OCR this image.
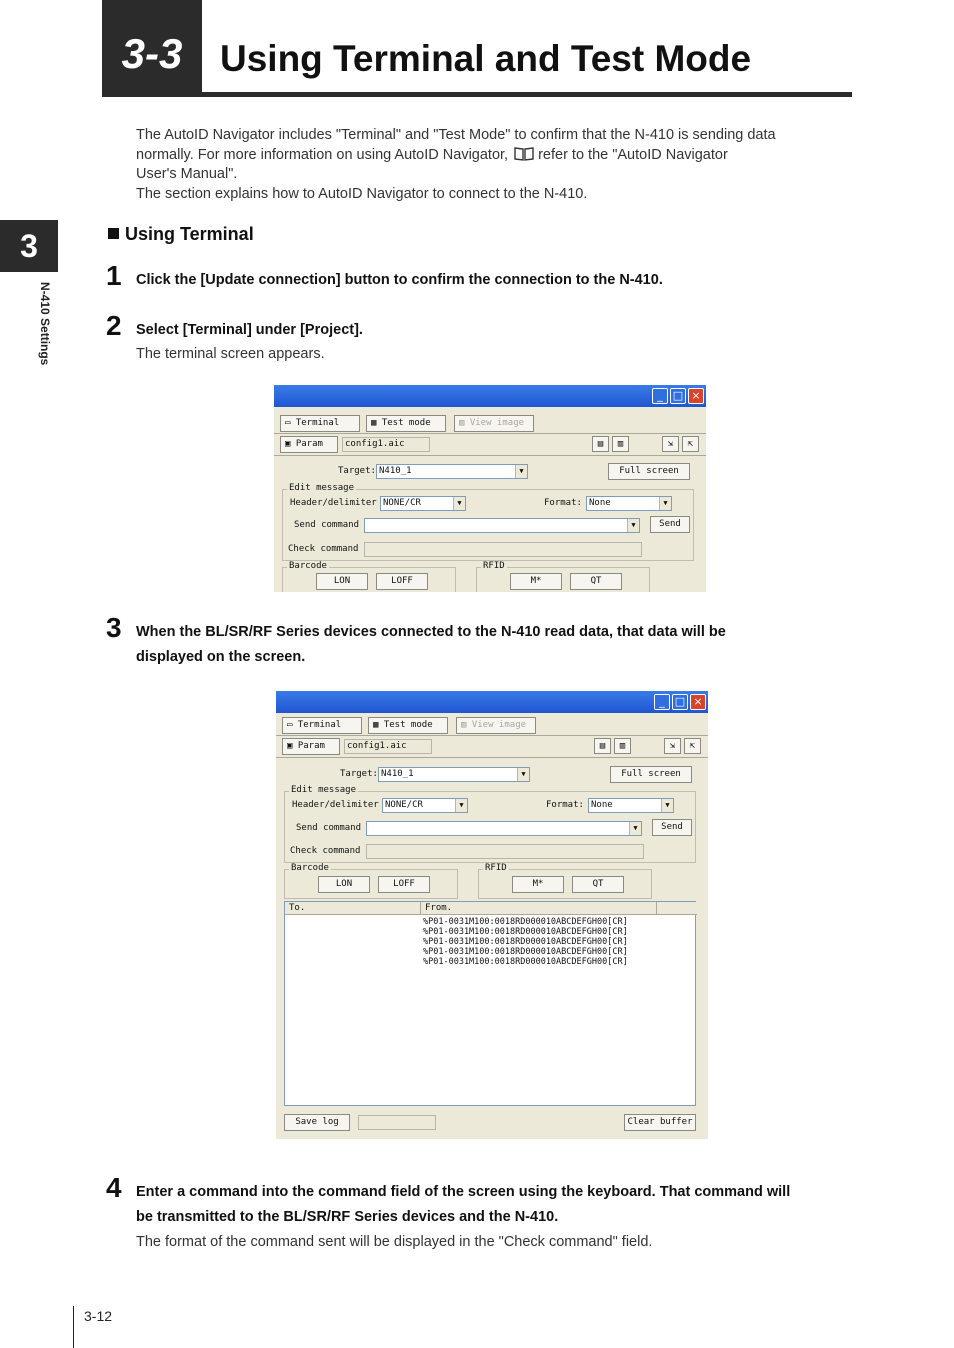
3-3	Using Terminal and Test Mode
3
N-410 Settings
The AutoID Navigator includes "Terminal" and "Test Mode" to confirm that the N-410 is sending data
normally. For more information on using AutoID Navigator, refer to the "AutoID Navigator
User's Manual".
The section explains how to AutoID Navigator to connect to the N-410.
Using Terminal
1 Click the [Update connection] button to confirm the connection to the N-410.
2 Select [Terminal] under [Project].
The terminal screen appears.
_ □ ×
▭ Terminal	▦ Test mode	▨ View image
▣ Param	config1.aic	▤	▥	⇲	⇱
Target: N410_1	▼	Full screen
Edit message
Header/delimiter NONE/CR	▼	Format: None	▼
Send command	▼	Send
Check command
Barcode
LON	LOFF
RFID
M*	QT
3 When the BL/SR/RF Series devices connected to the N-410 read data, that data will be
displayed on the screen.
_ □ ×
▭ Terminal	▦ Test mode	▨ View image
▣ Param	config1.aic	▤	▥	⇲	⇱
Target: N410_1	▼	Full screen
Edit message
Header/delimiter NONE/CR	▼	Format: None	▼
Send command	▼	Send
Check command
Barcode
LON	LOFF
RFID
M*	QT
To.	From.
%P01-0031M100:0018RD000010ABCDEFGH00[CR]
%P01-0031M100:0018RD000010ABCDEFGH00[CR]
%P01-0031M100:0018RD000010ABCDEFGH00[CR]
%P01-0031M100:0018RD000010ABCDEFGH00[CR]
%P01-0031M100:0018RD000010ABCDEFGH00[CR]
Save log	Clear buffer
4 Enter a command into the command field of the screen using the keyboard. That command will
be transmitted to the BL/SR/RF Series devices and the N-410.
The format of the command sent will be displayed in the "Check command" field.
3-12
